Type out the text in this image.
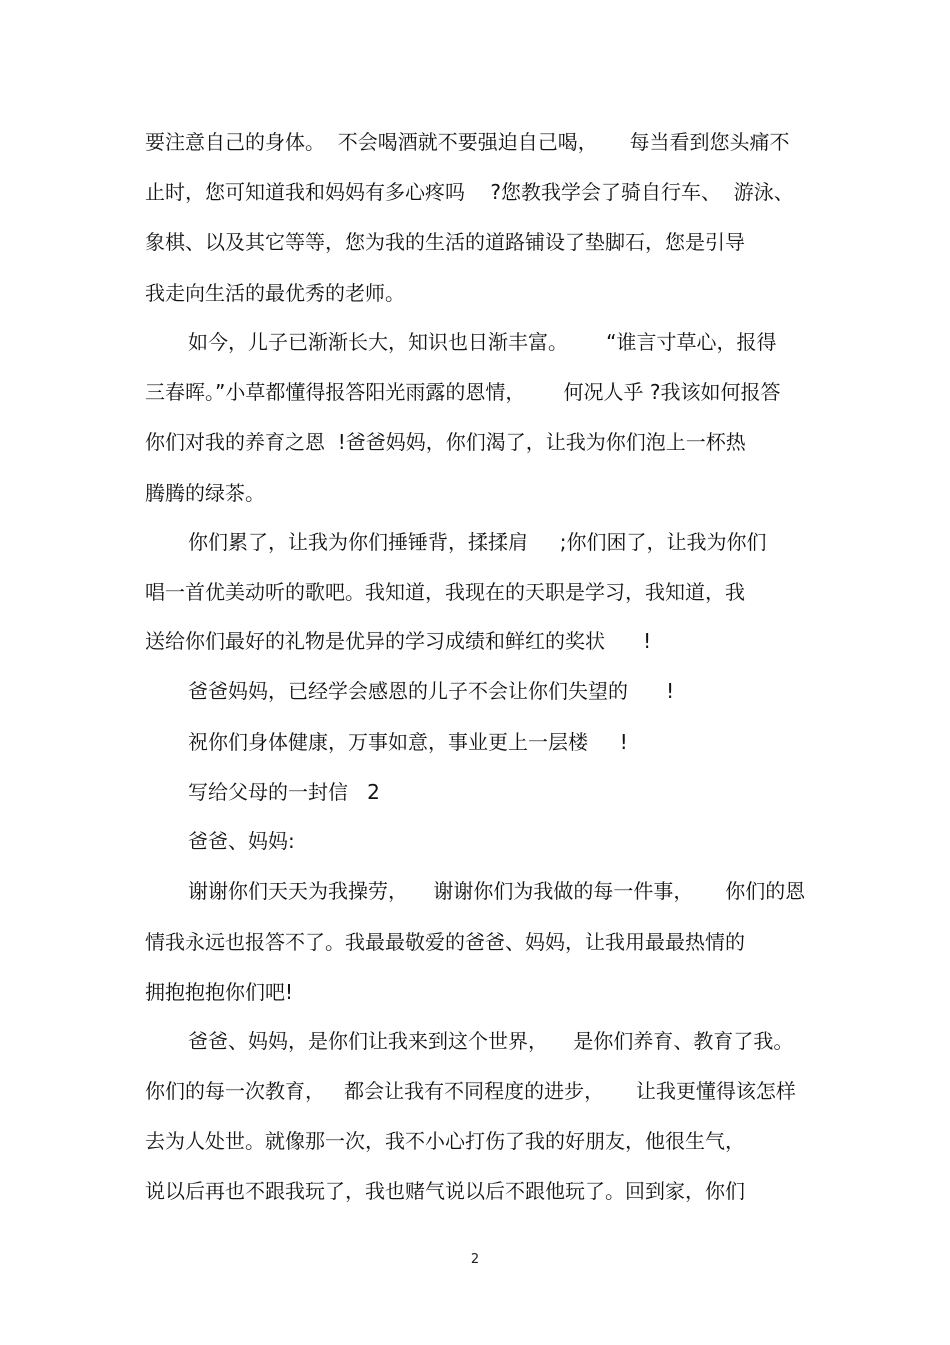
要注意自己的身体。  不会喝酒就不要强迫自己喝，     每当看到您头痛不
止时，您可知道我和妈妈有多心疼吗    ?您教我学会了骑自行车、  游泳、
象棋、以及其它等等，您为我的生活的道路铺设了垫脚石，您是引导
我走向生活的最优秀的老师。
如今，儿子已渐渐长大，知识也日渐丰富。      “谁言寸草心，报得
三春晖。”小草都懂得报答阳光雨露的恩情，      何况人乎 ?我该如何报答
你们对我的养育之恩  !爸爸妈妈，你们渴了，让我为你们泡上一杯热
腾腾的绿茶。
你们累了，让我为你们捶锤背，揉揉肩     ;你们困了，让我为你们
唱一首优美动听的歌吧。我知道，我现在的天职是学习，我知道，我
送给你们最好的礼物是优异的学习成绩和鲜红的奖状      !
爸爸妈妈，已经学会感恩的儿子不会让你们失望的      !
祝你们身体健康，万事如意，事业更上一层楼     !
写给父母的一封信   2
爸爸、妈妈:
谢谢你们天天为我操劳，    谢谢你们为我做的每一件事，     你们的恩
情我永远也报答不了。我最最敬爱的爸爸、妈妈，让我用最最热情的
拥抱抱抱你们吧!
爸爸、妈妈，是你们让我来到这个世界，    是你们养育、教育了我。
你们的每一次教育，   都会让我有不同程度的进步，     让我更懂得该怎样
去为人处世。就像那一次，我不小心打伤了我的好朋友，他很生气，
说以后再也不跟我玩了，我也赌气说以后不跟他玩了。回到家，你们
2
